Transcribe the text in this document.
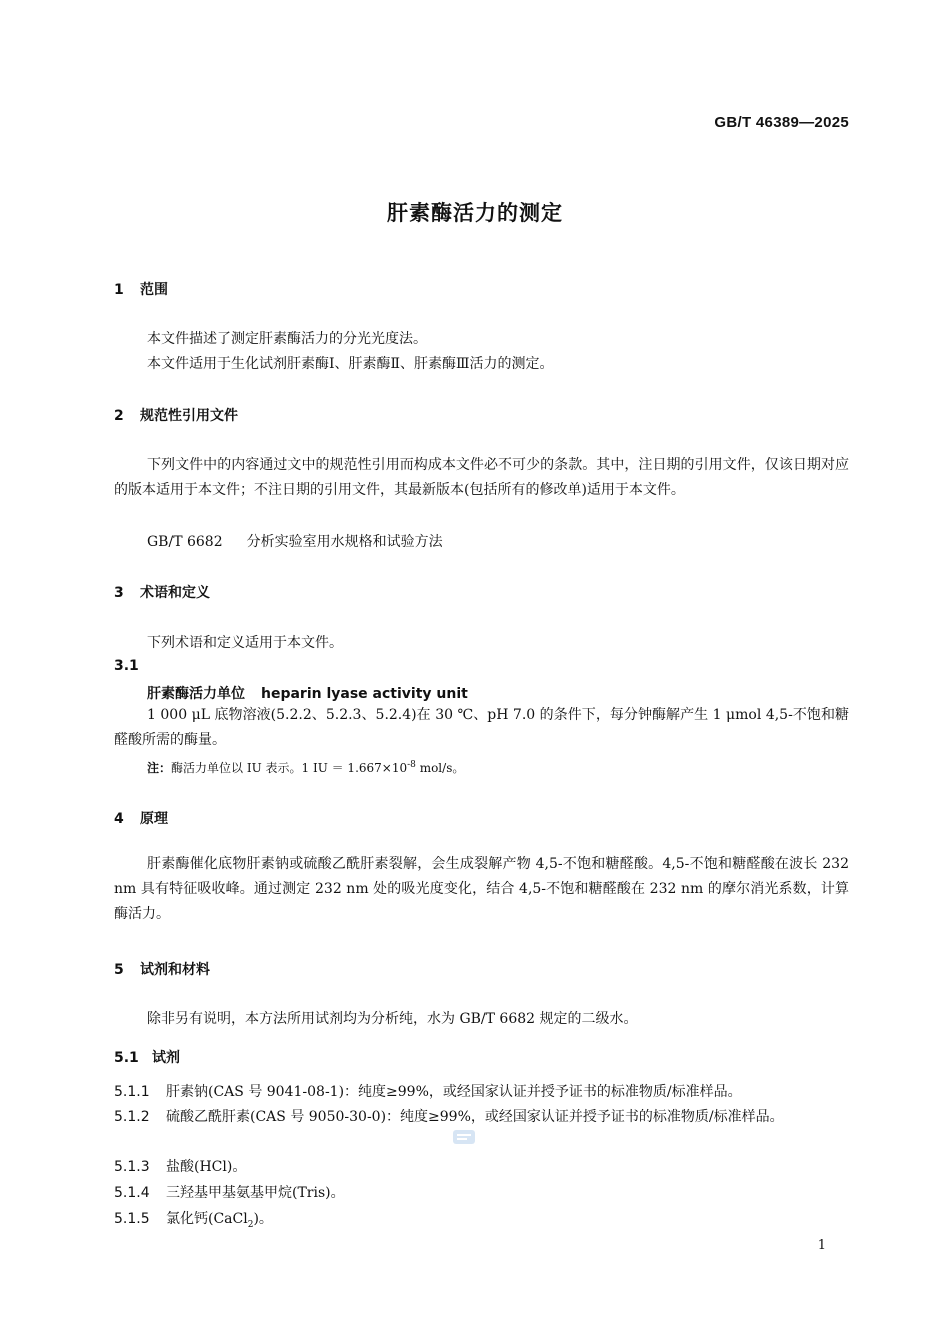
GB/T 46389—2025
肝素酶活力的测定
1 范围
本文件描述了测定肝素酶活力的分光光度法。
本文件适用于生化试剂肝素酶Ⅰ、肝素酶Ⅱ、肝素酶Ⅲ活力的测定。
2 规范性引用文件

下列文件中的内容通过文中的规范性引用而构成本文件必不可少的条款。其中，注日期的引用文件，仅该日期对应的版本适用于本文件；不注日期的引用文件，其最新版本(包括所有的修改单)适用于本文件。

GB/T 6682 分析实验室用水规格和试验方法
3 术语和定义
下列术语和定义适用于本文件。
3.1
肝素酶活力单位 heparin lyase activity unit

1 000 μL 底物溶液(5.2.2、5.2.3、5.2.4)在 30 ℃、pH 7.0 的条件下，每分钟酶解产生 1 μmol 4,5-不饱和糖醛酸所需的酶量。

注：酶活力单位以 IU 表示。1 IU ＝ $1.667\times 10^{-8}$ mol/s。
4 原理

肝素酶催化底物肝素钠或硫酸乙酰肝素裂解，会生成裂解产物 4,5-不饱和糖醛酸。4,5-不饱和糖醛酸在波长 232 nm 具有特征吸收峰。通过测定 232 nm 处的吸光度变化，结合 4,5-不饱和糖醛酸在 232 nm 的摩尔消光系数，计算酶活力。

5 试剂和材料
除非另有说明，本方法所用试剂均为分析纯，水为 GB/T 6682 规定的二级水。
5.1 试剂

5.1.1 肝素钠(CAS 号 9041-08-1)：纯度≥99%，或经国家认证并授予证书的标准物质/标准样品。

5.1.2 硫酸乙酰肝素(CAS 号 9050-30-0)：纯度≥99%，或经国家认证并授予证书的标准物质/标准样品。

5.1.3 盐酸(HCl)。

5.1.4 三羟基甲基氨基甲烷(Tris)。

5.1.5 氯化钙(CaCl$_2$)。

1
